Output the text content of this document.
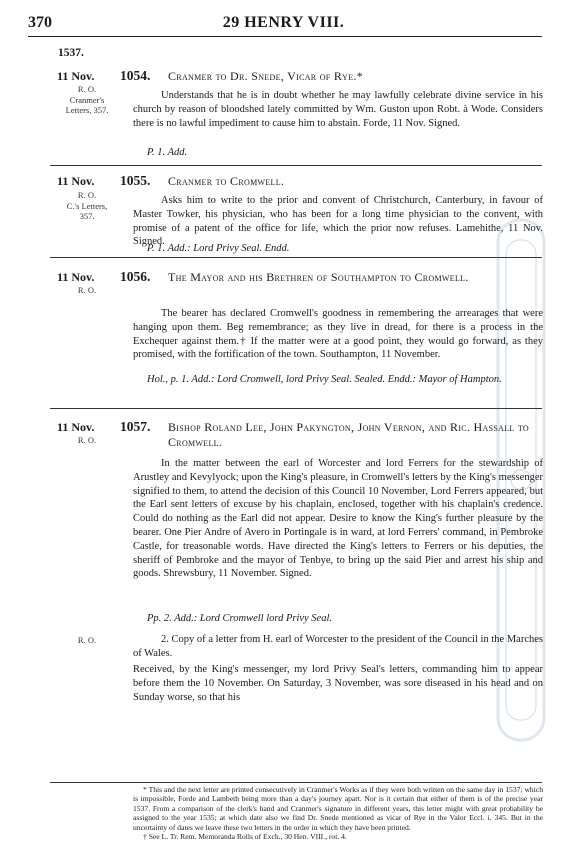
370	29 HENRY VIII.
1537.
11 Nov. 1054. Cranmer to Dr. Snede, Vicar of Rye.*
R. O.
Cranmer's
Letters, 357.

Understands that he is in doubt whether he may lawfully celebrate divine service in his church by reason of bloodshed lately committed by Wm. Guston upon Robt. à Wode. Considers there is no lawful impediment to cause him to abstain. Forde, 11 Nov. Signed.

P. 1. Add.

11 Nov. 1055. Cranmer to Cromwell.
R. O.
C.'s Letters,
357.

Asks him to write to the prior and convent of Christchurch, Canterbury, in favour of Master Towker, his physician, who has been for a long time physician to the convent, with promise of a patent of the office for life, which the prior now refuses. Lamehithe, 11 Nov. Signed.

P. 1. Add.: Lord Privy Seal. Endd.

11 Nov. 1056. The Mayor and his Brethren of Southampton to Cromwell.
R. O.

The bearer has declared Cromwell's goodness in remembering the arrearages that were hanging upon them. Beg remembrance; as they live in dread, for there is a process in the Exchequer against them.† If the matter were at a good point, they would go forward, as they promised, with the fortification of the town. Southampton, 11 November.

Hol., p. 1. Add.: Lord Cromwell, lord Privy Seal. Sealed. Endd.: Mayor of Hampton.

11 Nov. 1057. Bishop Roland Lee, John Pakyngton, John Vernon, and Ric. Hassall to Cromwell.
R. O.

In the matter between the earl of Worcester and lord Ferrers for the stewardship of Arustley and Kevylyock; upon the King's pleasure, in Cromwell's letters by the King's messenger signified to them, to attend the decision of this Council 10 November, Lord Ferrers appeared, but the Earl sent letters of excuse by his chaplain, enclosed, together with his chaplain's credence. Could do nothing as the Earl did not appear. Desire to know the King's further pleasure by the bearer. One Pier Andre of Avero in Portingale is in ward, at lord Ferrers' command, in Pembroke Castle, for treasonable words. Have directed the King's letters to Ferrers or his deputies, the sheriff of Pembroke and the mayor of Tenbye, to bring up the said Pier and arrest his ship and goods. Shrewsbury, 11 November. Signed.

Pp. 2. Add.: Lord Cromwell lord Privy Seal.

R. O.	2. Copy of a letter from H. earl of Worcester to the president of the Council in the Marches of Wales.

Received, by the King's messenger, my lord Privy Seal's letters, commanding him to appear before them the 10 November. On Saturday, 3 November, was sore diseased in his head and on Sunday worse, so that his

* This and the next letter are printed consecutively in Cranmer's Works as if they were both written on the same day in 1537; which is impossible, Forde and Lambeth being more than a day's journey apart. Nor is it certain that either of them is of the precise year 1537. From a comparison of the clerk's hand and Cranmer's signature in different years, this letter might with great probability be assigned to the year 1535; at which date also we find Dr. Snede mentioned as vicar of Rye in the Valor Eccl. i. 345. But in the uncertainty of dates we leave these two letters in the order in which they have been printed.

† See L. Tr. Rem. Memoranda Rolls of Exch., 30 Hen. VIII., rot. 4.
